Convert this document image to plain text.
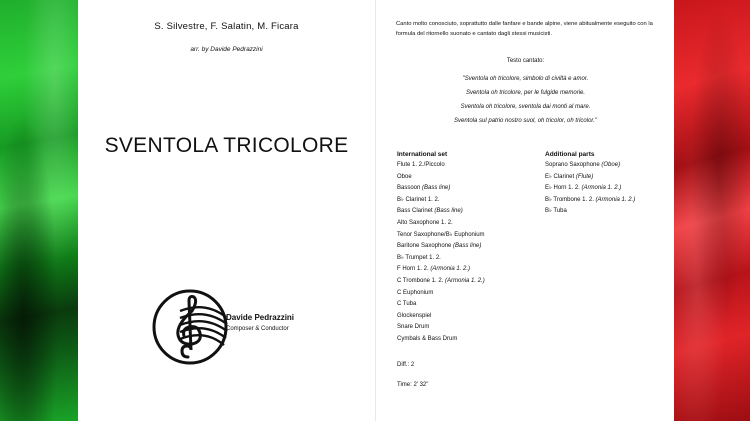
S. Silvestre, F. Salatin, M. Ficara
arr. by Davide Pedrazzini
SVENTOLA TRICOLORE
Davide Pedrazzini
Composer & Conductor
Canto molto conosciuto, soprattutto dalle fanfare e bande alpine, viene abitualmente eseguito con la formula del ritornello suonato e cantato dagli stessi musicisti.
Testo cantato:
"Sventola oh tricolore, simbolo di civiltà e amor.
Sventola oh tricolore, per le fulgide memorie.
Sventola oh tricolore, sventola dai monti al mare.
Sventola sul patrio nostro suol, oh tricolor, oh tricolor."
International set
Flute 1. 2./Piccolo
Oboe
Bassoon (Bass line)
B♭ Clarinet 1. 2.
Bass Clarinet (Bass line)
Alto Saxophone 1. 2.
Tenor Saxophone/B♭ Euphonium
Baritone Saxophone (Bass line)
B♭ Trumpet 1. 2.
F Horn 1. 2. (Armonia 1. 2.)
C Trombone 1. 2. (Armonia 1. 2.)
C Euphonium
C Tuba
Glockenspiel
Snare Drum
Cymbals & Bass Drum
Additional parts
Soprano Saxophone (Oboe)
E♭ Clarinet (Flute)
E♭ Horn 1. 2. (Armonia 1. 2.)
B♭ Trombone 1. 2. (Armonia 1. 2.)
B♭ Tuba
Diff.: 2
Time: 2' 32"
